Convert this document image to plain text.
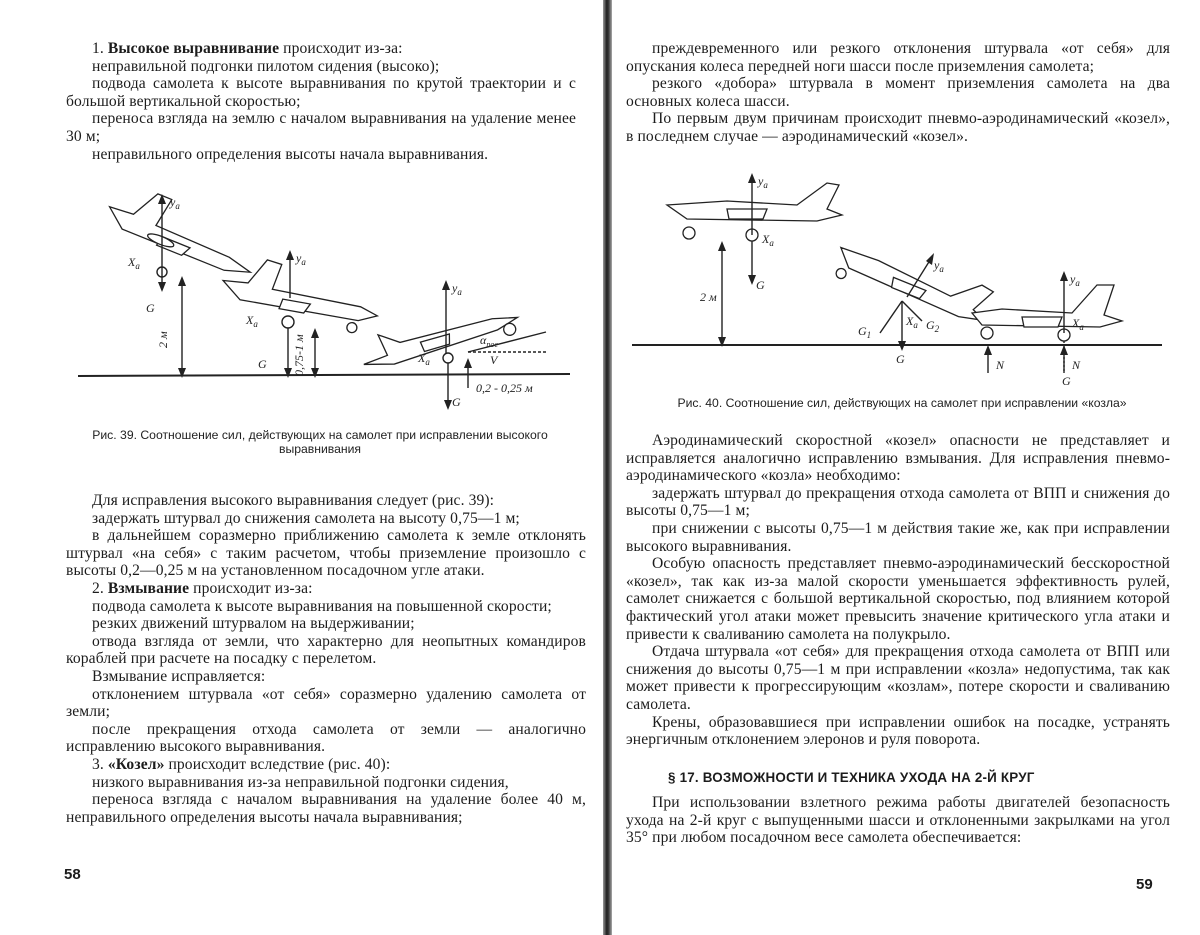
1. Высокое выравнивание происходит из-за:

неправильной подгонки пилотом сидения (высоко);

подвода самолета к высоте выравнивания по крутой траектории и с большой вертикальной скоростью;

переноса взгляда на землю с началом выравнивания на удаление менее 30 м;

неправильного определения высоты начала выравнивания.

$y_a$
$X_a$
G
2 м
$y_a$
$X_a$
G 0,75-1 м
$y_a$
$X_a$
G
$\alpha_{пос}$
V
0,2 - 0,25 м
Рис. 39. Соотношение сил, действующих на самолет при исправлении высокого выравнивания

Для исправления высокого выравнивания следует (рис. 39):

задержать штурвал до снижения самолета на высоту 0,75—1 м;

в дальнейшем соразмерно приближению самолета к земле отклонять штурвал «на себя» с таким расчетом, чтобы приземление произошло с высоты 0,2—0,25 м на установленном посадочном угле атаки.

2. Взмывание происходит из-за:

подвода самолета к высоте выравнивания на повышенной скорости;

резких движений штурвалом на выдерживании;

отвода взгляда от земли, что характерно для неопытных командиров кораблей при расчете на посадку с перелетом.

Взмывание исправляется:

отклонением штурвала «от себя» соразмерно удалению самолета от земли;

после прекращения отхода самолета от земли — аналогично исправлению высокого выравнивания.

3. «Козел» происходит вследствие (рис. 40):

низкого выравнивания из-за неправильной подгонки сидения,

переноса взгляда с началом выравнивания на удаление более 40 м, неправильного определения высоты начала выравнивания;

58

преждевременного или резкого отклонения штурвала «от себя» для опускания колеса передней ноги шасси после приземления самолета;

резкого «добора» штурвала в момент приземления самолета на два основных колеса шасси.

По первым двум причинам происходит пневмо-аэродинамический «козел», в последнем случае — аэродинамический «козел».

$y_a$
$X_a$
G
2 м
$y_a$
$X_a$
G
$G_1$
$G_2$
$y_a$
$X_a$
N	N
G
Рис. 40. Соотношение сил, действующих на самолет при исправлении «козла»

Аэродинамический скоростной «козел» опасности не представляет и исправляется аналогично исправлению взмывания. Для исправления пневмо-аэродинамического «козла» необходимо:

задержать штурвал до прекращения отхода самолета от ВПП и снижения до высоты 0,75—1 м;

при снижении с высоты 0,75—1 м действия такие же, как при исправлении высокого выравнивания.

Особую опасность представляет пневмо-аэродинамический бесскоростной «козел», так как из-за малой скорости уменьшается эффективность рулей, самолет снижается с большой вертикальной скоростью, под влиянием которой фактический угол атаки может превысить значение критического угла атаки и привести к сваливанию самолета на полукрыло.

Отдача штурвала «от себя» для прекращения отхода самолета от ВПП или снижения до высоты 0,75—1 м при исправлении «козла» недопустима, так как может привести к прогрессирующим «козлам», потере скорости и сваливанию самолета.

Крены, образовавшиеся при исправлении ошибок на посадке, устранять энергичным отклонением элеронов и руля поворота.

§ 17. ВОЗМОЖНОСТИ И ТЕХНИКА УХОДА НА 2-Й КРУГ

При использовании взлетного режима работы двигателей безопасность ухода на 2-й круг с выпущенными шасси и отклоненными закрылками на угол 35° при любом посадочном весе самолета обеспечивается:

59
